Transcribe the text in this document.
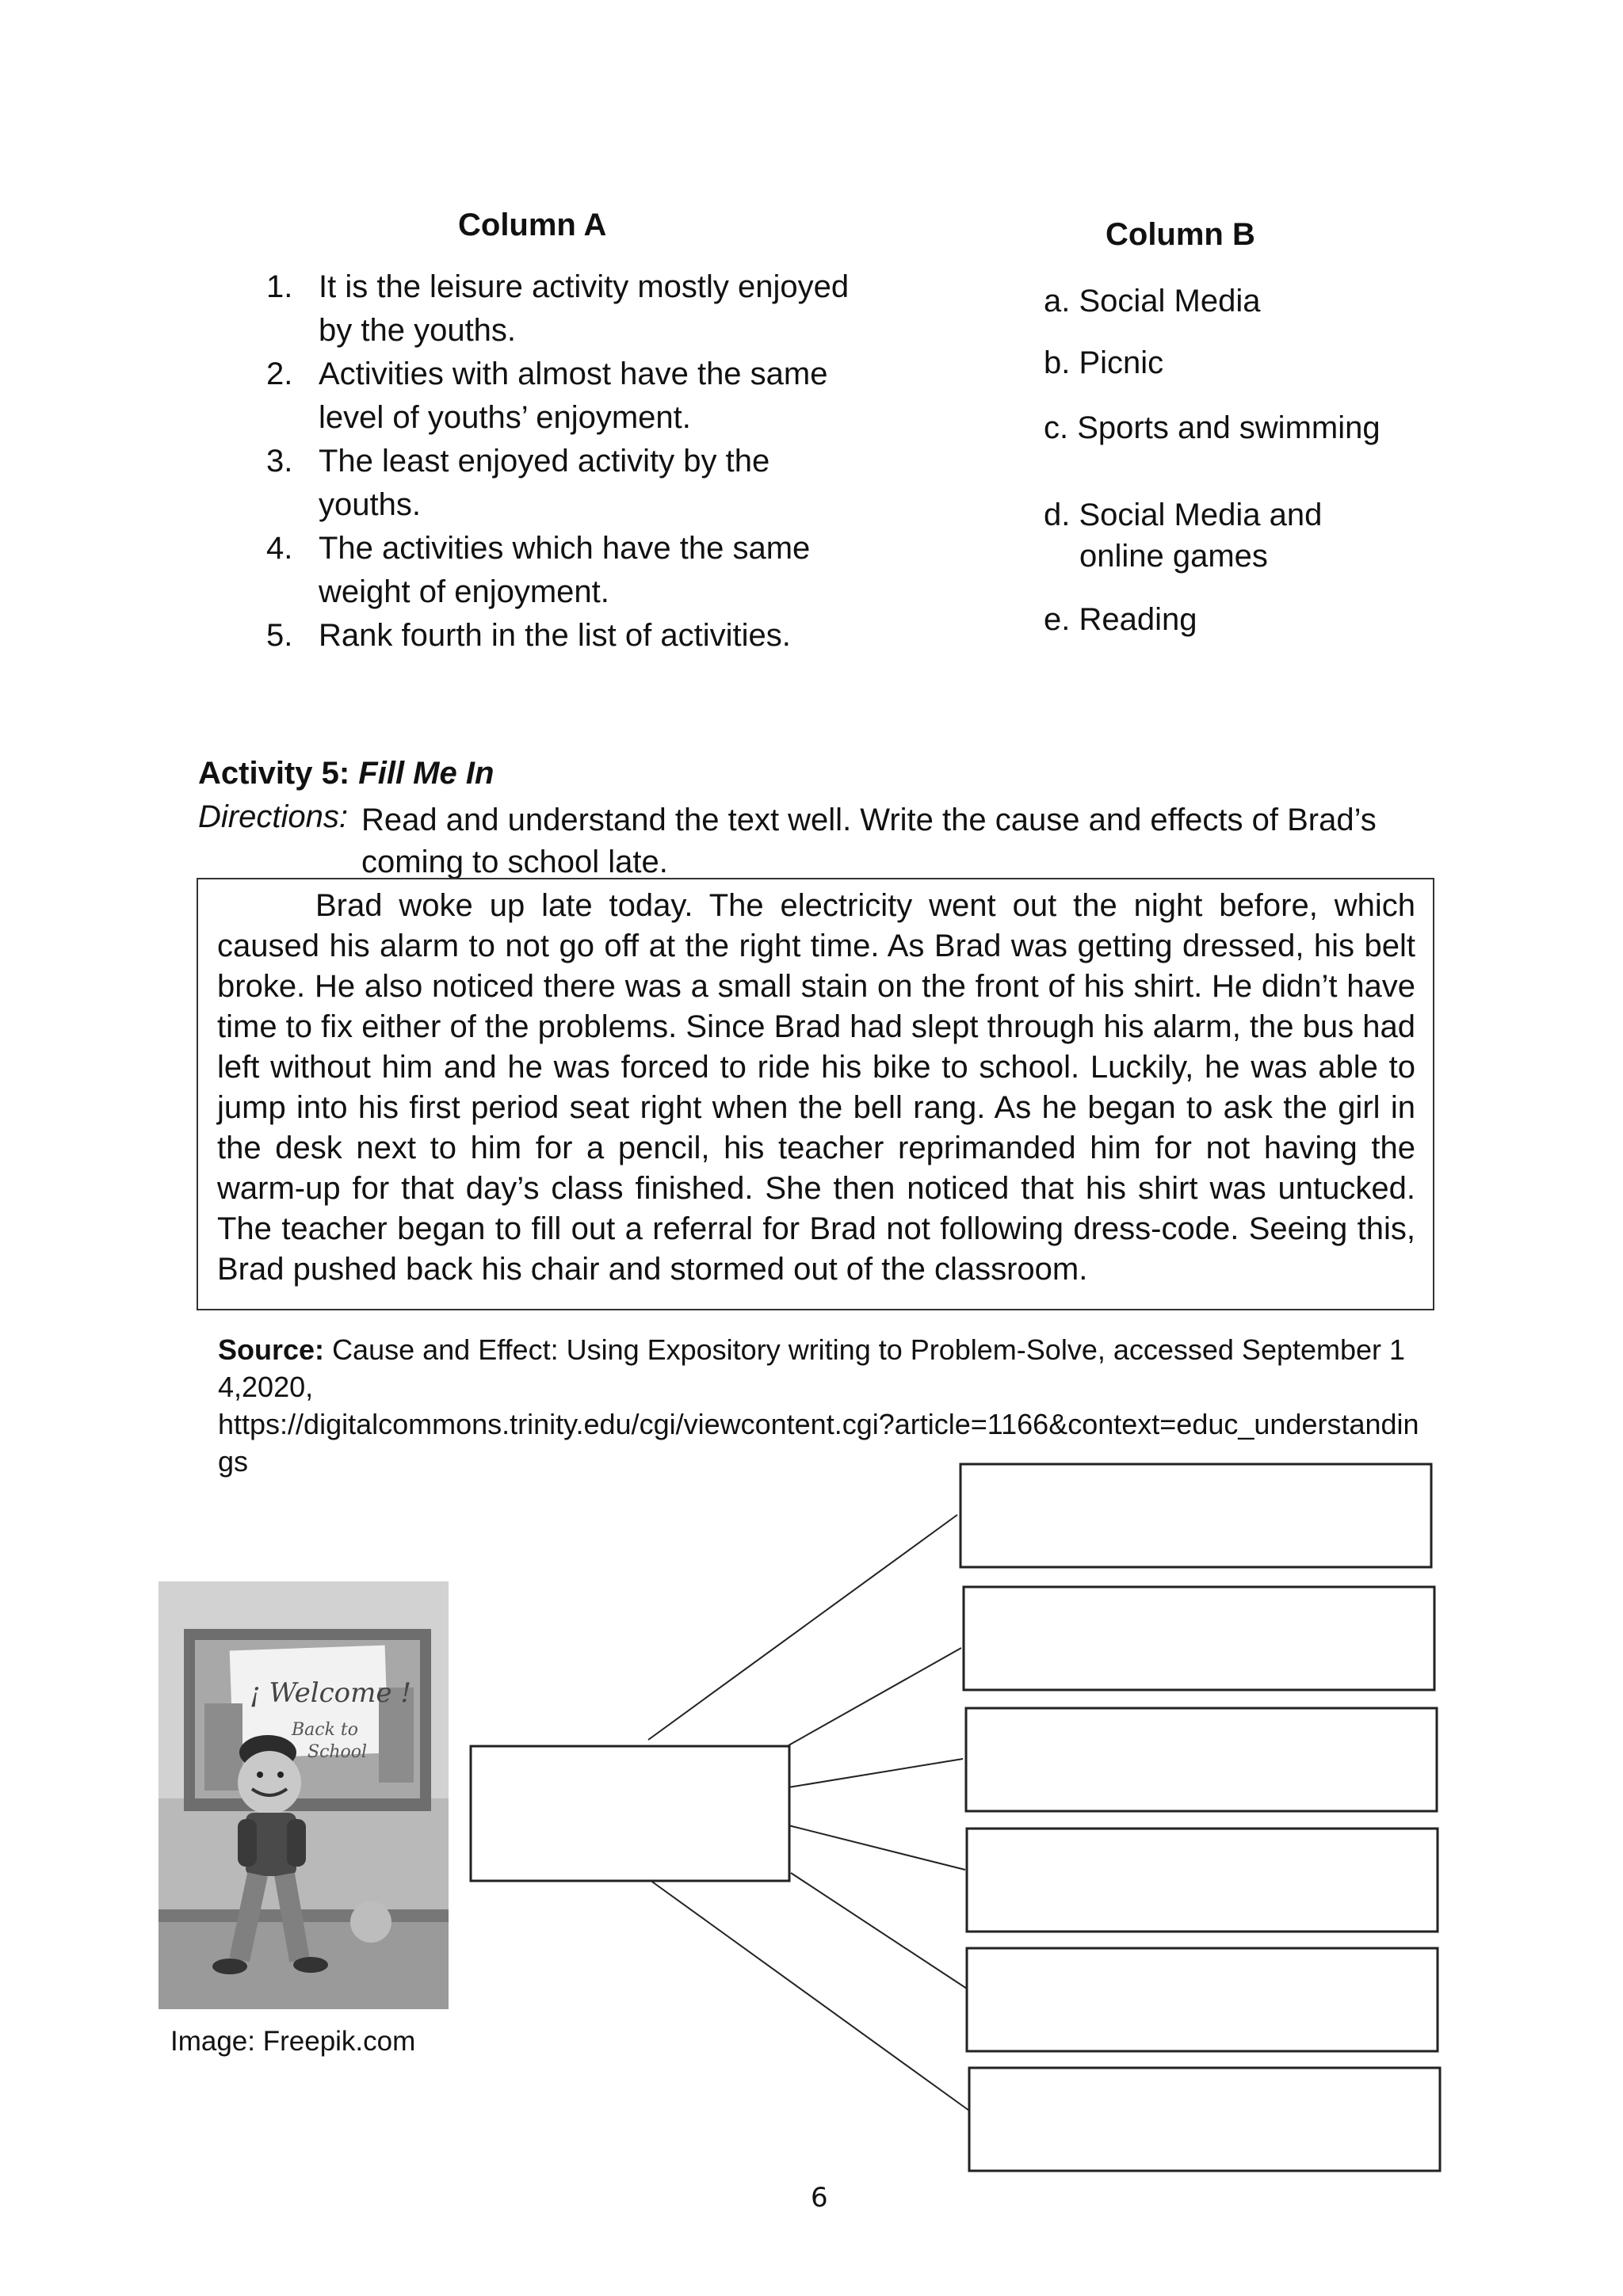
Column A
1. It is the leisure activity mostly enjoyed by the youths.
2. Activities with almost have the same level of youths’ enjoyment.
3. The least enjoyed activity by the youths.
4. The activities which have the same weight of enjoyment.
5. Rank fourth in the list of activities.
Column B
a. Social Media
b. Picnic
c. Sports and swimming
d. Social Media and
online games
e. Reading
Activity 5: Fill Me In
Directions: Read and understand the text well. Write the cause and effects of Brad’s coming to school late.

Brad woke up late today. The electricity went out the night before, which caused his alarm to not go off at the right time. As Brad was getting dressed, his belt broke. He also noticed there was a small stain on the front of his shirt. He didn’t have time to fix either of the problems. Since Brad had slept through his alarm, the bus had left without him and he was forced to ride his bike to school. Luckily, he was able to jump into his first period seat right when the bell rang. As he began to ask the girl in the desk next to him for a pencil, his teacher reprimanded him for not having the warm-up for that day’s class finished. She then noticed that his shirt was untucked. The teacher began to fill out a referral for Brad not following dress-code. Seeing this, Brad pushed back his chair and stormed out of the classroom.

Source: Cause and Effect: Using Expository writing to Problem-Solve, accessed September 14,2020,
https://digitalcommons.trinity.edu/cgi/viewcontent.cgi?article=1166&context=educ_understandings
¡ Welcome !
Back to
School
Image: Freepik.com
6
